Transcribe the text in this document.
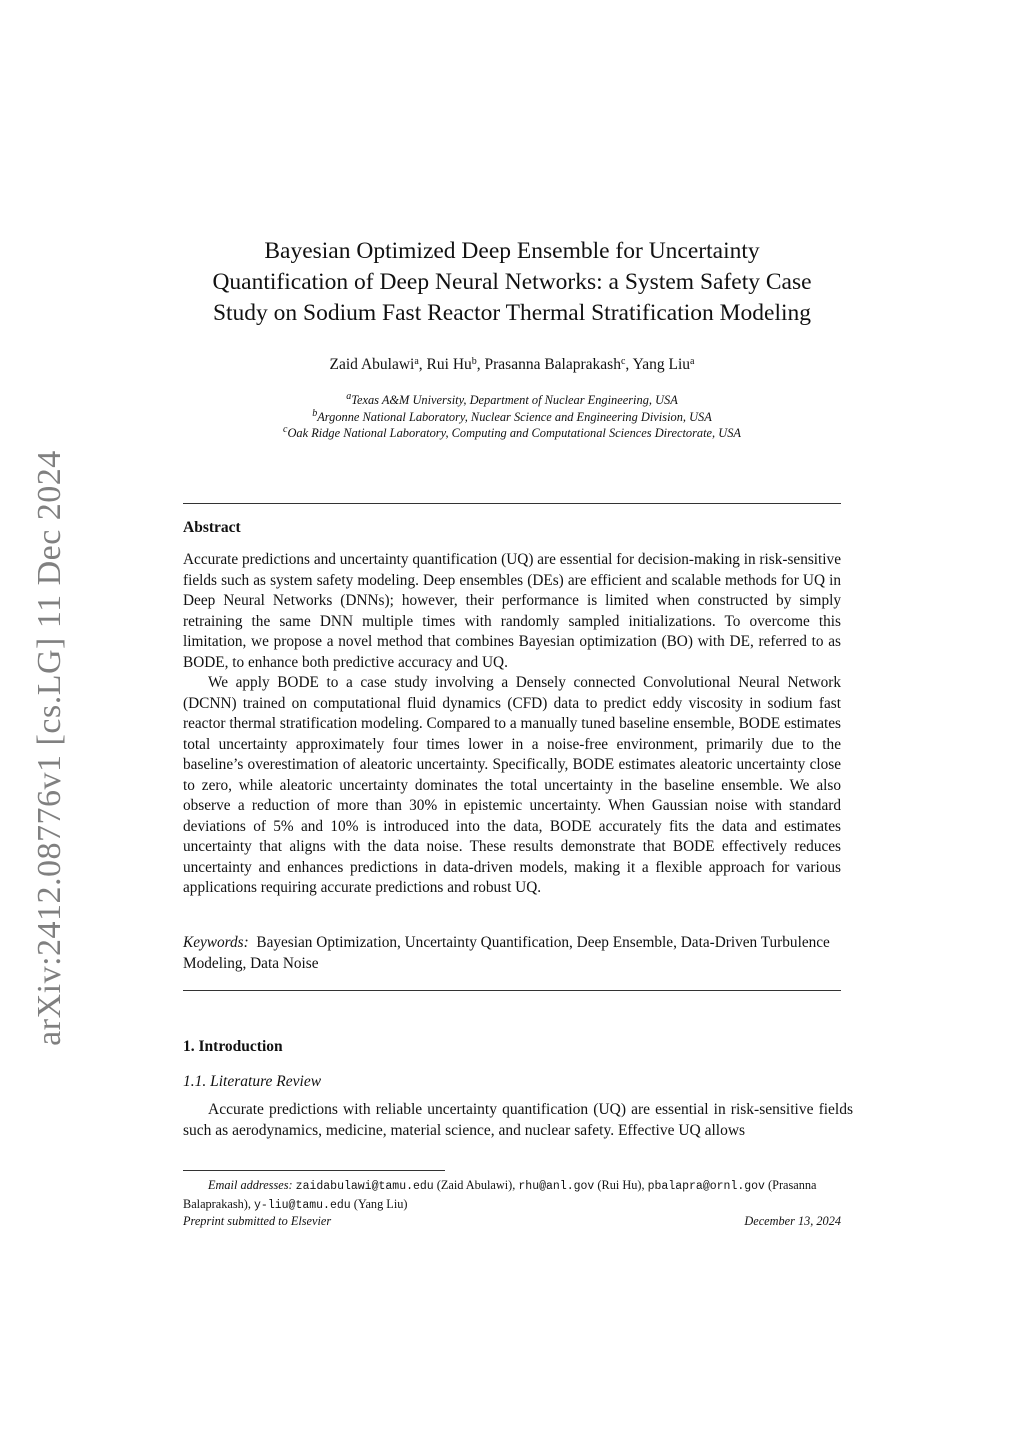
arXiv:2412.08776v1 [cs.LG] 11 Dec 2024
Bayesian Optimized Deep Ensemble for Uncertainty
Quantification of Deep Neural Networks: a System Safety Case
Study on Sodium Fast Reactor Thermal Stratification Modeling
Zaid Abulawi$^a$, Rui Hu$^b$, Prasanna Balaprakash$^c$, Yang Liu$^a$
$^a$Texas A&M University, Department of Nuclear Engineering, USA
$^b$Argonne National Laboratory, Nuclear Science and Engineering Division, USA
$^c$Oak Ridge National Laboratory, Computing and Computational Sciences Directorate, USA
Abstract

Accurate predictions and uncertainty quantification (UQ) are essential for decision-making in risk-sensitive fields such as system safety modeling. Deep ensembles (DEs) are efficient and scalable methods for UQ in Deep Neural Networks (DNNs); however, their performance is limited when constructed by simply retraining the same DNN multiple times with randomly sampled initializations. To overcome this limitation, we propose a novel method that combines Bayesian optimization (BO) with DE, referred to as BODE, to enhance both predictive accuracy and UQ.

We apply BODE to a case study involving a Densely connected Convolutional Neural Network (DCNN) trained on computational fluid dynamics (CFD) data to predict eddy viscosity in sodium fast reactor thermal stratification modeling. Compared to a manually tuned baseline ensemble, BODE estimates total uncertainty approximately four times lower in a noise-free environment, primarily due to the baseline’s overestimation of aleatoric uncertainty. Specifically, BODE estimates aleatoric uncertainty close to zero, while aleatoric uncertainty dominates the total uncertainty in the baseline ensemble. We also observe a reduction of more than 30% in epistemic uncertainty. When Gaussian noise with standard deviations of 5% and 10% is introduced into the data, BODE accurately fits the data and estimates uncertainty that aligns with the data noise. These results demonstrate that BODE effectively reduces uncertainty and enhances predictions in data-driven models, making it a flexible approach for various applications requiring accurate predictions and robust UQ.

Keywords: Bayesian Optimization, Uncertainty Quantification, Deep Ensemble, Data-Driven Turbulence Modeling, Data Noise
1. Introduction
1.1. Literature Review

Accurate predictions with reliable uncertainty quantification (UQ) are essential in risk-sensitive fields such as aerodynamics, medicine, material science, and nuclear safety. Effective UQ allows

Email addresses: zaidabulawi@tamu.edu (Zaid Abulawi), rhu@anl.gov (Rui Hu), pbalapra@ornl.gov (Prasanna Balaprakash), y-liu@tamu.edu (Yang Liu)
Preprint submitted to Elsevier	December 13, 2024
